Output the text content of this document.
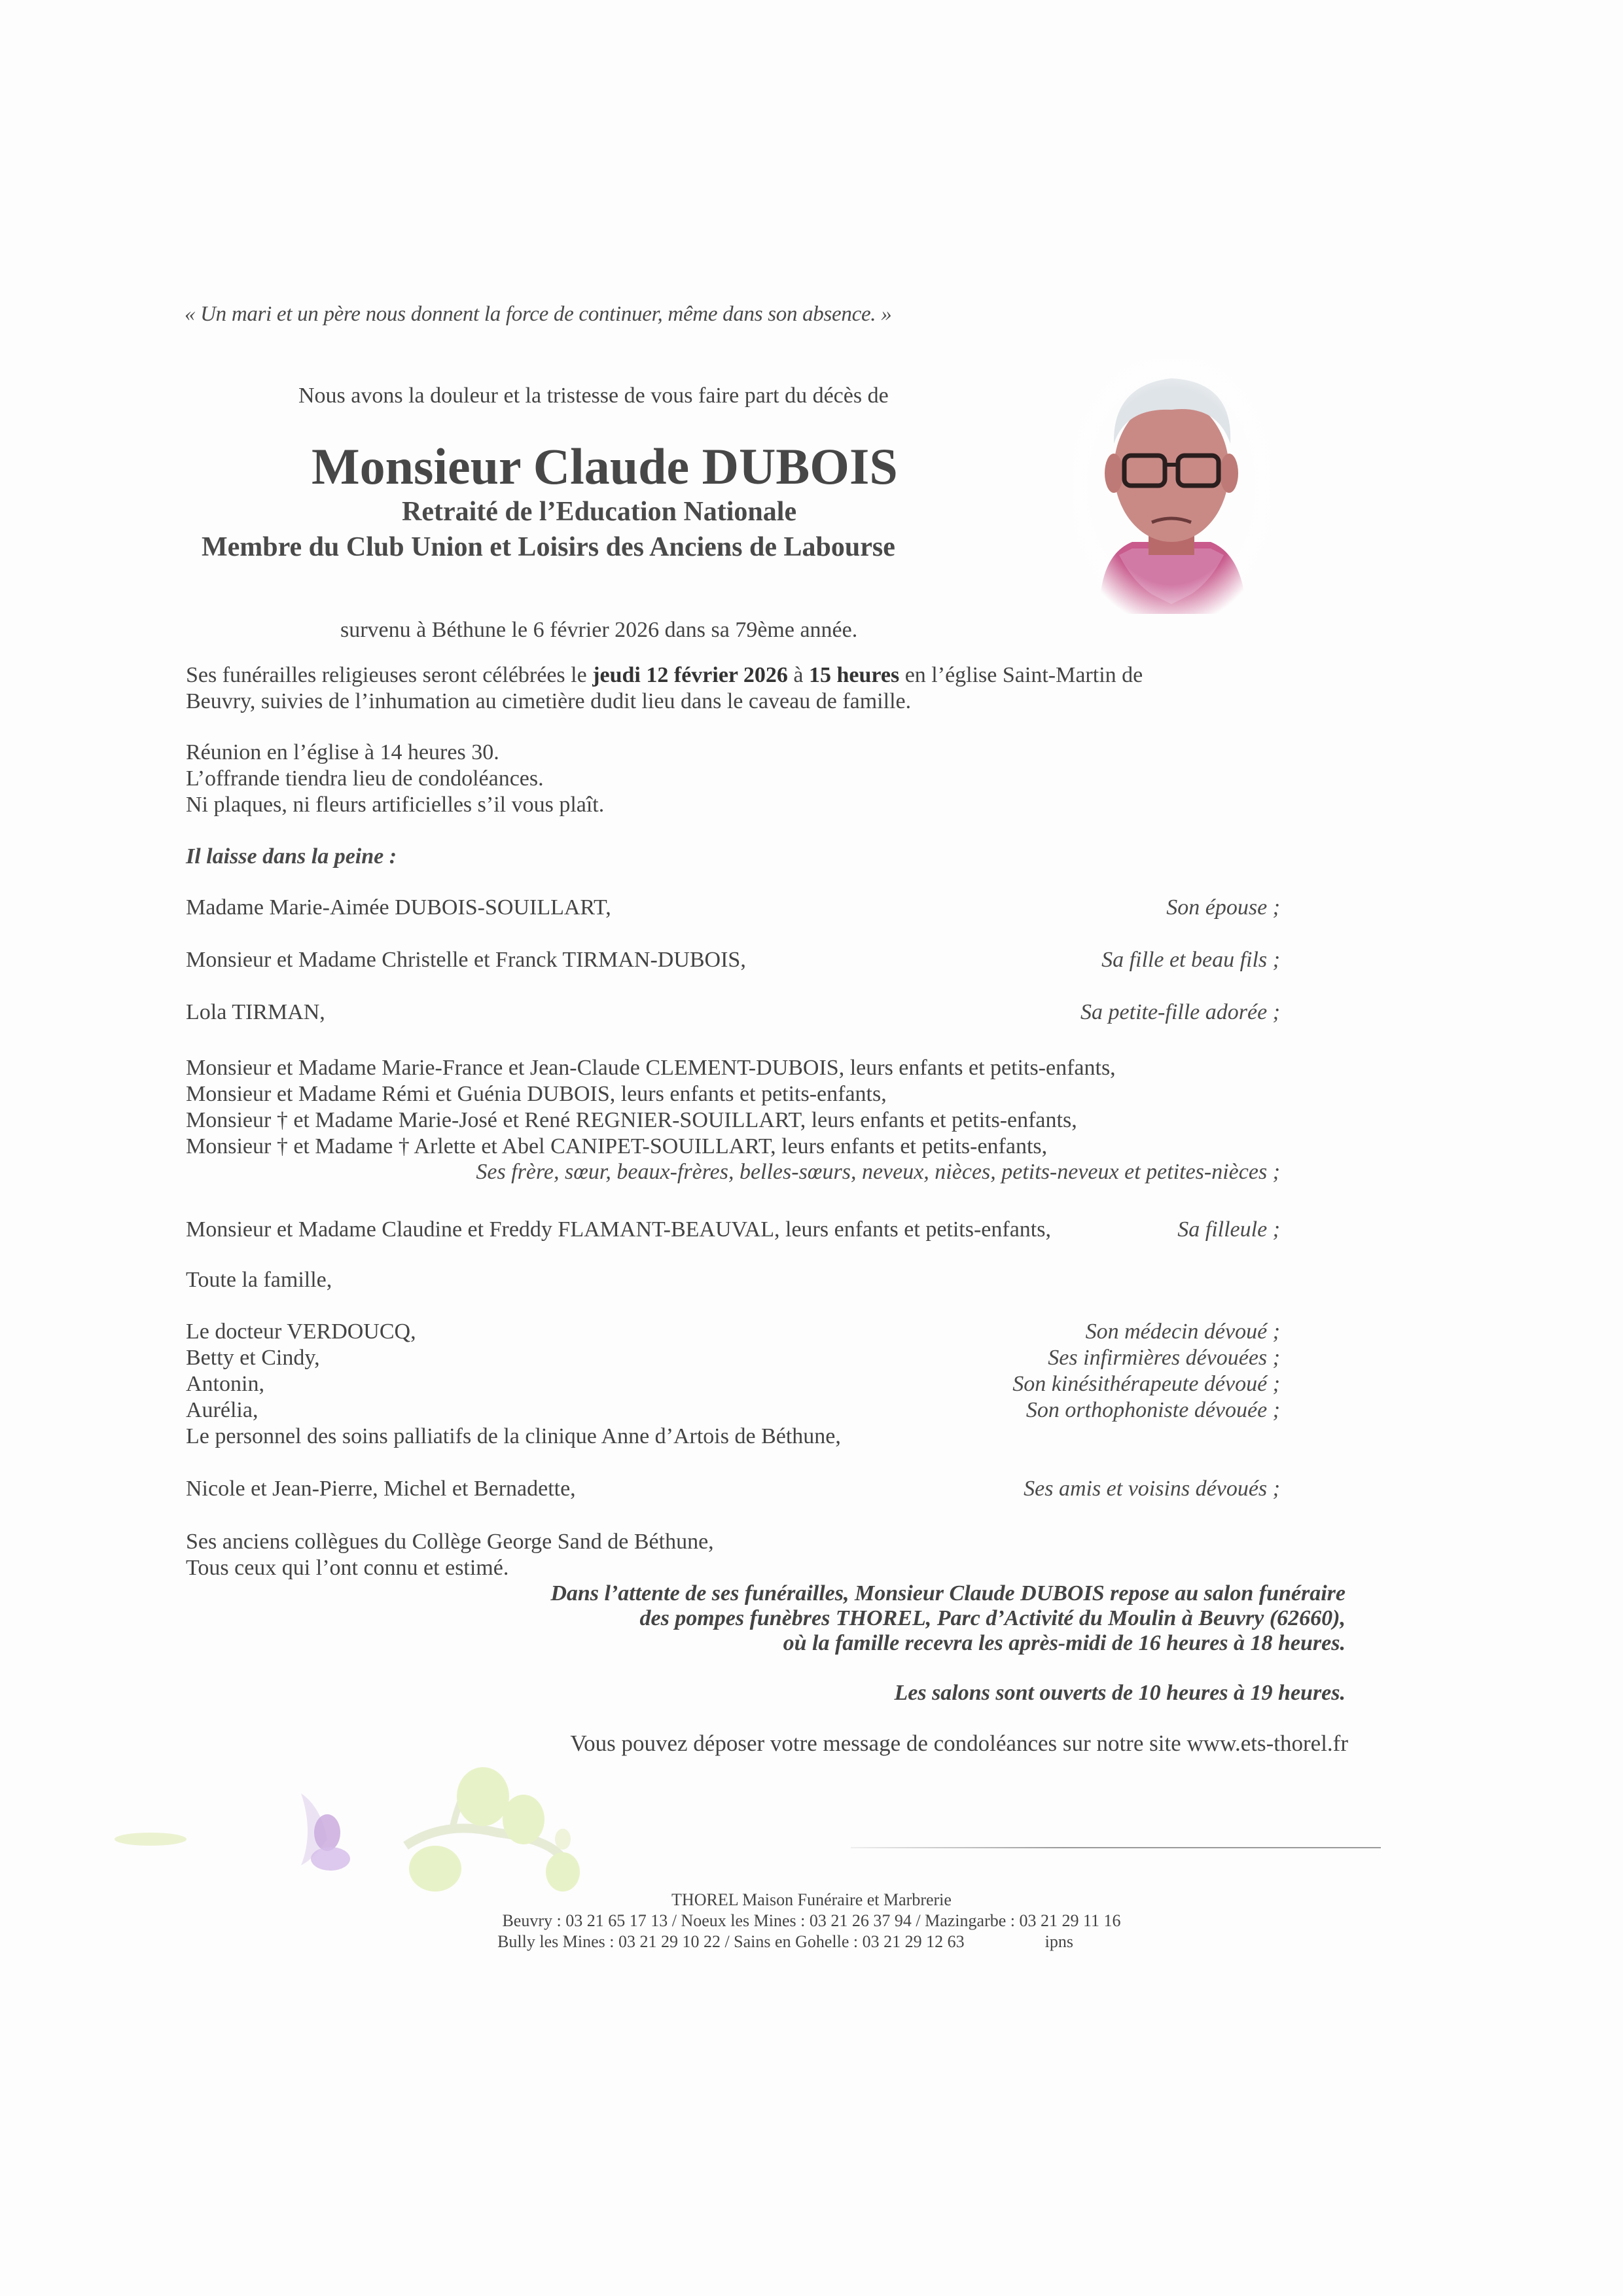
« Un mari et un père nous donnent la force de continuer, même dans son absence. »
Nous avons la douleur et la tristesse de vous faire part du décès de
Monsieur Claude DUBOIS
Retraité de l’Education Nationale
Membre du Club Union et Loisirs des Anciens de Labourse
survenu à Béthune le 6 février 2026 dans sa 79ème année.
Ses funérailles religieuses seront célébrées le jeudi 12 février 2026 à 15 heures en l’église Saint-Martin de
Beuvry, suivies de l’inhumation au cimetière dudit lieu dans le caveau de famille.
Réunion en l’église à 14 heures 30.
L’offrande tiendra lieu de condoléances.
Ni plaques, ni fleurs artificielles s’il vous plaît.
Il laisse dans la peine :
Madame Marie-Aimée DUBOIS-SOUILLART,	Son épouse ;
Monsieur et Madame Christelle et Franck TIRMAN-DUBOIS,	Sa fille et beau fils ;
Lola TIRMAN,	Sa petite-fille adorée ;
Monsieur et Madame Marie-France et Jean-Claude CLEMENT-DUBOIS, leurs enfants et petits-enfants,
Monsieur et Madame Rémi et Guénia DUBOIS, leurs enfants et petits-enfants,
Monsieur † et Madame Marie-José et René REGNIER-SOUILLART, leurs enfants et petits-enfants,
Monsieur † et Madame † Arlette et Abel CANIPET-SOUILLART, leurs enfants et petits-enfants,
Ses frère, sœur, beaux-frères, belles-sœurs, neveux, nièces, petits-neveux et petites-nièces ;
Monsieur et Madame Claudine et Freddy FLAMANT-BEAUVAL, leurs enfants et petits-enfants,	Sa filleule ;
Toute la famille,
Le docteur VERDOUCQ,	Son médecin dévoué ;
Betty et Cindy,	Ses infirmières dévouées ;
Antonin,	Son kinésithérapeute dévoué ;
Aurélia,	Son orthophoniste dévouée ;
Le personnel des soins palliatifs de la clinique Anne d’Artois de Béthune,
Nicole et Jean-Pierre, Michel et Bernadette,	Ses amis et voisins dévoués ;
Ses anciens collègues du Collège George Sand de Béthune,
Tous ceux qui l’ont connu et estimé.
Dans l’attente de ses funérailles, Monsieur Claude DUBOIS repose au salon funéraire
des pompes funèbres THOREL, Parc d’Activité du Moulin à Beuvry (62660),
où la famille recevra les après-midi de 16 heures à 18 heures.
Les salons sont ouverts de 10 heures à 19 heures.
Vous pouvez déposer votre message de condoléances sur notre site www.ets-thorel.fr
THOREL Maison Funéraire et Marbrerie
Beuvry : 03 21 65 17 13 / Noeux les Mines : 03 21 26 37 94 / Mazingarbe : 03 21 29 11 16
Bully les Mines : 03 21 29 10 22 / Sains en Gohelle : 03 21 29 12 63	ipns
